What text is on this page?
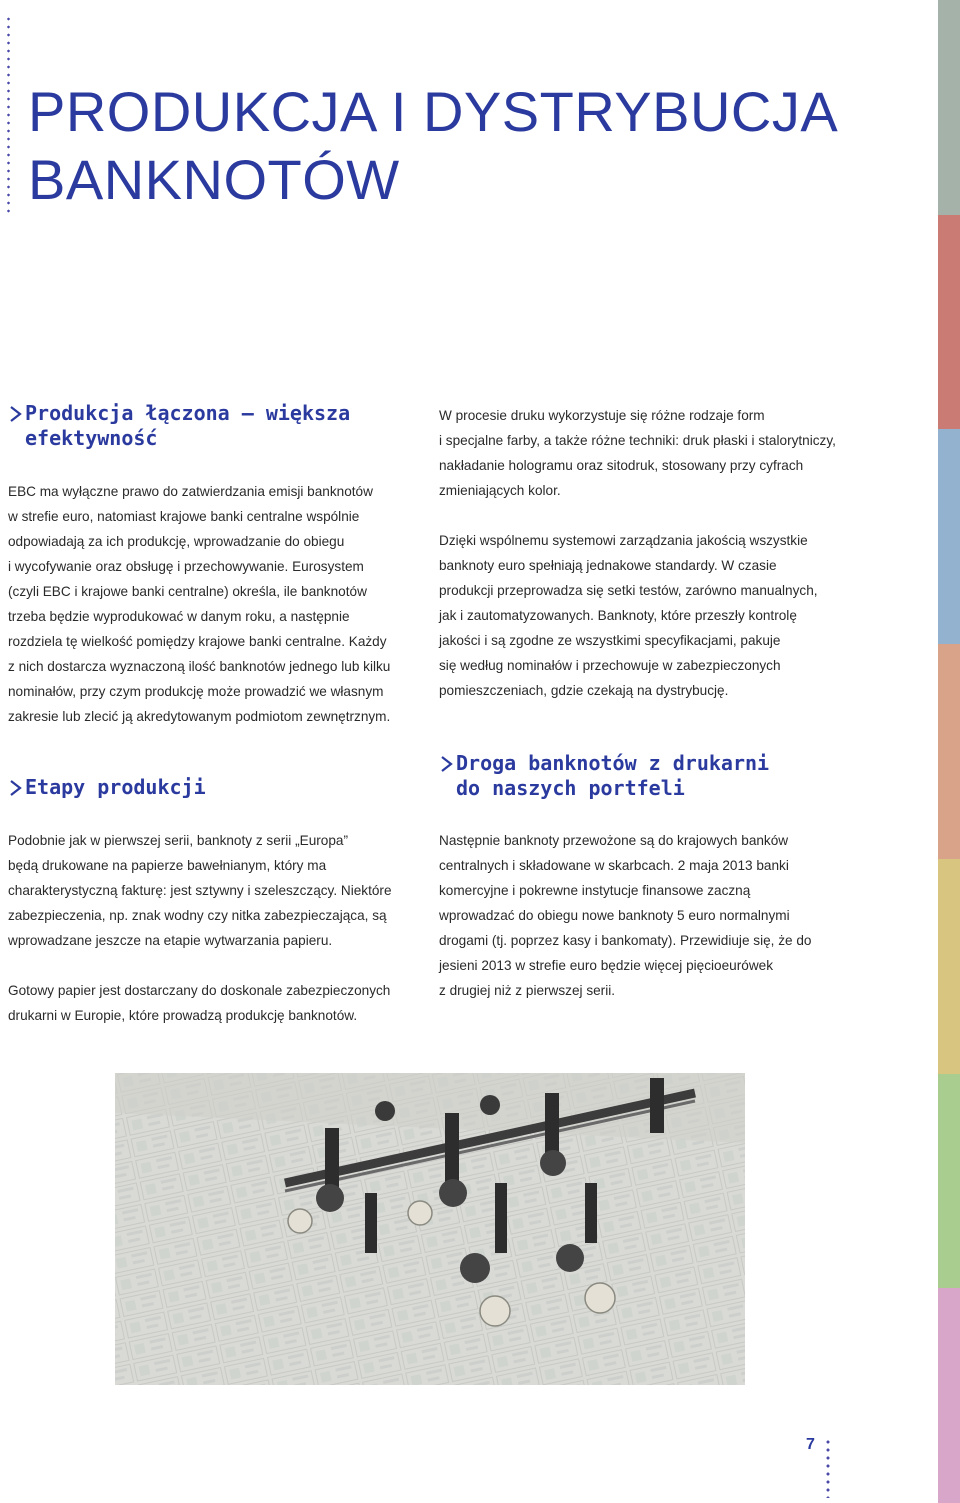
PRODUKCJA I DYSTRYBUCJA
BANKNOTÓW
Produkcja łączona – większa
efektywność

EBC ma wyłączne prawo do zatwierdzania emisji banknotów
w strefie euro, natomiast krajowe banki centralne wspólnie
odpowiadają za ich produkcję, wprowadzanie do obiegu
i wycofywanie oraz obsługę i przechowywanie. Eurosystem
(czyli EBC i krajowe banki centralne) określa, ile banknotów
trzeba będzie wyprodukować w danym roku, a następnie
rozdziela tę wielkość pomiędzy krajowe banki centralne. Każdy
z nich dostarcza wyznaczoną ilość banknotów jednego lub kilku
nominałów, przy czym produkcję może prowadzić we własnym
zakresie lub zlecić ją akredytowanym podmiotom zewnętrznym.

Etapy produkcji

Podobnie jak w pierwszej serii, banknoty z serii „Europa”
będą drukowane na papierze bawełnianym, który ma
charakterystyczną fakturę: jest sztywny i szeleszczący. Niektóre
zabezpieczenia, np. znak wodny czy nitka zabezpieczająca, są
wprowadzane jeszcze na etapie wytwarzania papieru.

Gotowy papier jest dostarczany do doskonale zabezpieczonych
drukarni w Europie, które prowadzą produkcję banknotów.

W procesie druku wykorzystuje się różne rodzaje form
i specjalne farby, a także różne techniki: druk płaski i stalorytniczy,
nakładanie hologramu oraz sitodruk, stosowany przy cyfrach
zmieniających kolor.

Dzięki wspólnemu systemowi zarządzania jakością wszystkie
banknoty euro spełniają jednakowe standardy. W czasie
produkcji przeprowadza się setki testów, zarówno manualnych,
jak i zautomatyzowanych. Banknoty, które przeszły kontrolę
jakości i są zgodne ze wszystkimi specyfikacjami, pakuje
się według nominałów i przechowuje w zabezpieczonych
pomieszczeniach, gdzie czekają na dystrybucję.

Droga banknotów z drukarni
do naszych portfeli

Następnie banknoty przewożone są do krajowych banków
centralnych i składowane w skarbcach. 2 maja 2013 banki
komercyjne i pokrewne instytucje finansowe zaczną
wprowadzać do obiegu nowe banknoty 5 euro normalnymi
drogami (tj. poprzez kasy i bankomaty). Przewidiuje się, że do
jesieni 2013 w strefie euro będzie więcej pięcioeurówek
z drugiej niż z pierwszej serii.

7
